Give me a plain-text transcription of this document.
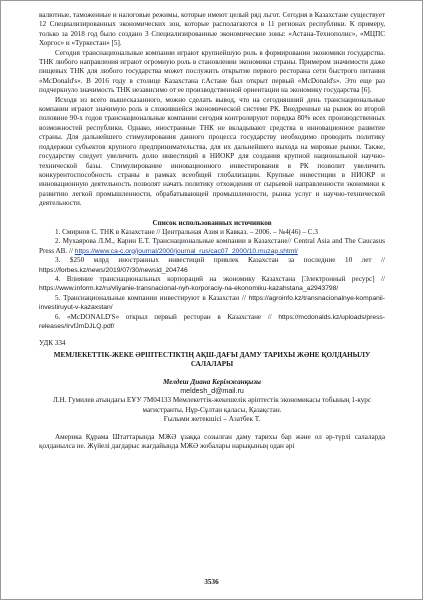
валютные, таможенные и налоговые режимы, которые имеют целый ряд льгот. Сегодня в Казахстане существует 12 Специализированных экономических зон, которые располагаются в 11 регионах республики. К примеру, только за 2018 год было создано 3 Специализированные экономические зоны: «Астана-Технополис», «МЦПС Хоргос» и «Туркестан» [5].

Сегодня транснациональные компании играют крупнейшую роль в формировании экономики государства. ТНК любого направления играют огромную роль в становлении экономики страны. Примером значимости даже пищевых ТНК для любого государства может послужить открытие первого ресторана сети быстрого питания «McDonald's». В 2016 году в столице Казахстана г.Астане был открыт первый «McDonald's». Это еще раз подчеркнуло значимость ТНК независимо от ее производственной ориентации на экономику государства [6].

Исходя из всего вышесказанного, можно сделать вывод, что на сегодняшний день транснациональные компании играют значимую роль в сложившейся экономической системе РК. Внедренные на рынок во второй половине 90-х годов транснациональные компании сегодня контролируют порядка 80% всех производственных возможностей республики. Однако, иностранные ТНК не вкладывают средства в инновационное развитие страны. Для дальнейшего стимулирования данного процесса государству необходимо проводить политику поддержки субъектов крупного предпринимательства, для их дальнейшего выхода на мировые рынки. Также, государству следует увеличить долю инвестиций в НИОКР для создания крупной национальной научно-технической базы. Стимулирование инновационного инвестирования в РК позволит увеличить конкурентоспособность страны в рамках всеобщей глобализации. Крупные инвестиции в НИОКР и инновационную деятельность позволят начать политику отхождения от сырьевой направленности экономики к развитию легкой промышленности, обрабатывающей промышленности, рынка услуг и научно-технической деятельности.

Список использованных источников

1. Смирнов С. ТНК в Казахстане // Центральная Азия и Кавказ. – 2006. – №4(46) – С.3
2. Мухаярова Л.М., Карин Е.Т. Транснациональные компании в Казахстане// Central Asia and The Caucasus Press AB. // https://www.ca-c.org/journal/2000/journal_rus/cac07_2000/10.muzap.shtml/
3. $250 млрд иностранных инвестиций привлек Казахстан за последние 10 лет // https://forbes.kz/news/2019/07/30/newsid_204746
4. Влияние транснациональных корпораций на экономику Казахстана [Электронный ресурс] // https://www.inform.kz/ru/vliyanie-transnacional-nyh-korporaciy-na-ekonomiku-kazahstana_a2943798/
5. Транснациональные компании инвестируют в Казахстан // https://agroinfo.kz/transnacionalnye-kompanii-investiruyut-v-kazaxstan/
6. «McDONALD'S» открыл первый ресторан в Казахстане // https://mcdonalds.kz/uploads/press-releases/IrvfJmDJLQ.pdf/

УДК 334

МЕМЛЕКЕТТІК-ЖЕКЕ ӘРІПТЕСТІКТІҢ АҚШ-ДАҒЫ ДАМУ ТАРИХЫ ЖӘНЕ ҚОЛДАНЫЛУ САЛАЛАРЫ

Мелдеш Диана Керімжанқызы

meldesh_d@mail.ru

Л.Н. Гумилев атындағы ЕҰУ 7М04133 Мемлекеттік-жекешелік әріптестік экономикасы тобының 1-курс магистранты, Нұр-Сұлтан қаласы, Қазақстан.

Ғылыми жетекшісі – Азатбек Т.

Америка Құрама Штаттарында МЖӘ ұзаққа созылған даму тарихы бар және ол әр-түрлі салаларда қолданылса не. Жүйелі дағдарыс жағдайында МЖӘ жобалары нарықының одан әрі

3536
